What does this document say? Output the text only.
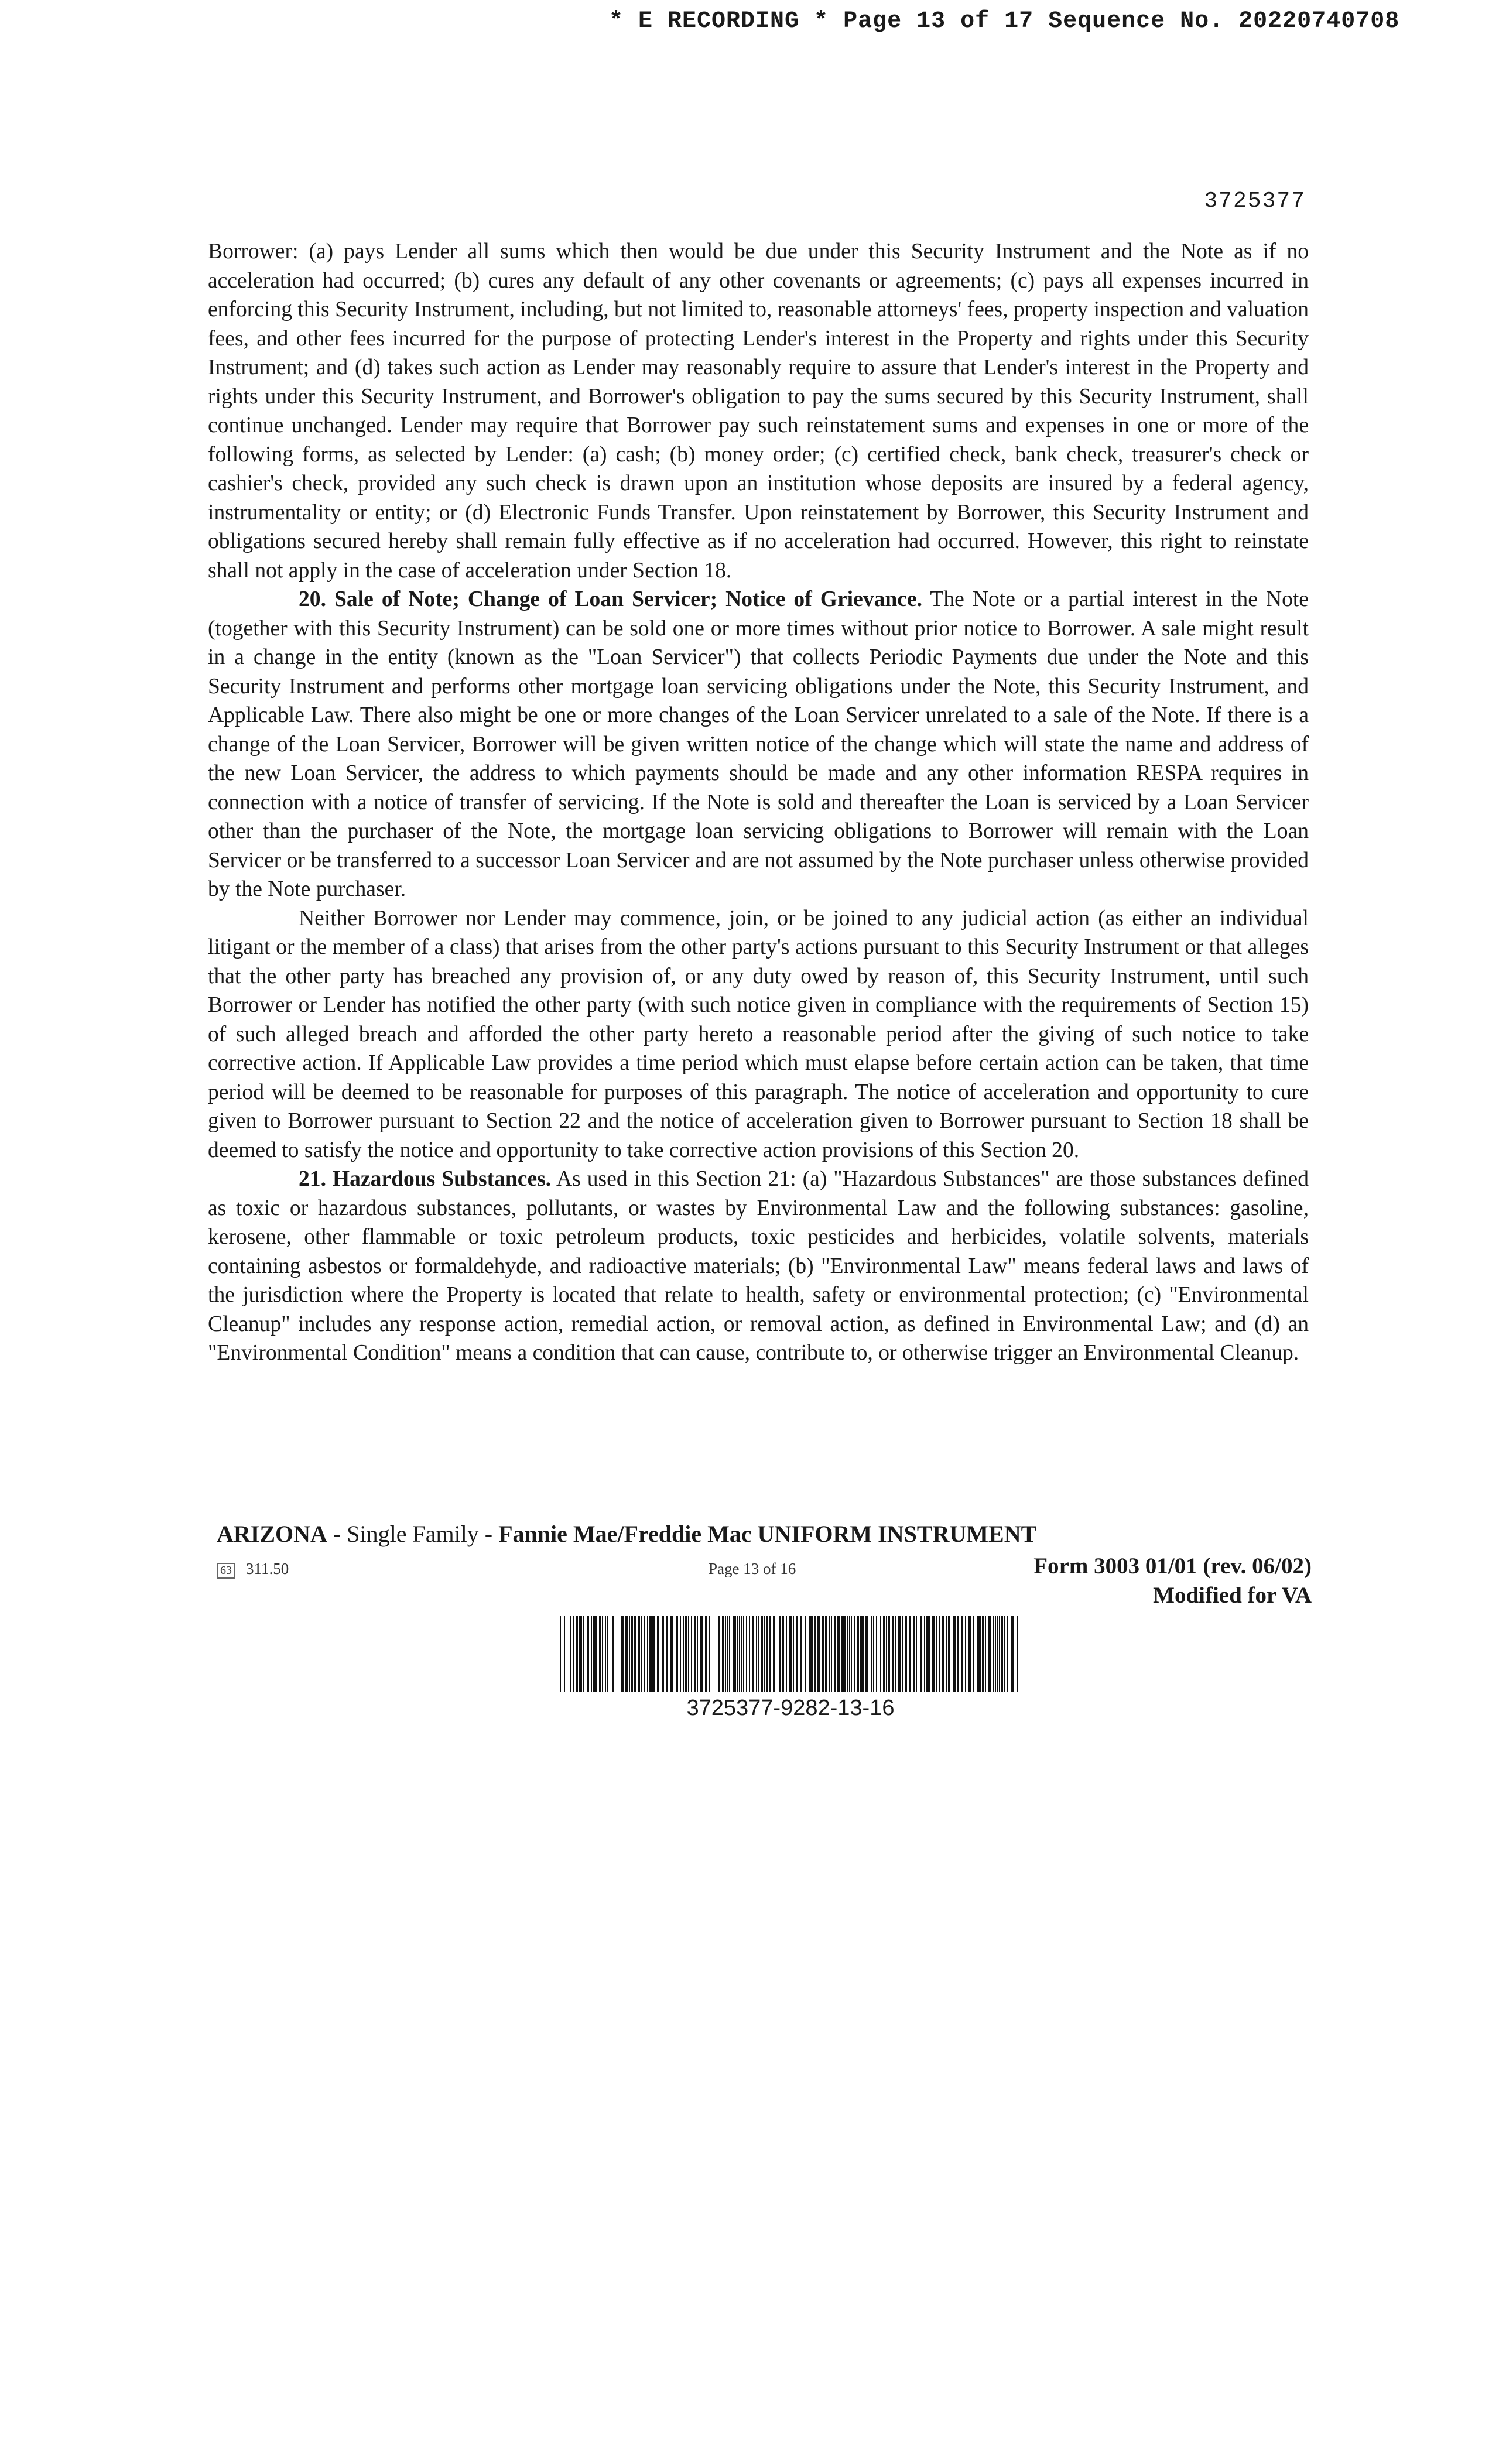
* E RECORDING * Page 13 of 17 Sequence No. 20220740708
3725377

Borrower: (a) pays Lender all sums which then would be due under this Security Instrument and the Note as if no acceleration had occurred; (b) cures any default of any other covenants or agreements; (c) pays all expenses incurred in enforcing this Security Instrument, including, but not limited to, reasonable attorneys' fees, property inspection and valuation fees, and other fees incurred for the purpose of protecting Lender's interest in the Property and rights under this Security Instrument; and (d) takes such action as Lender may reasonably require to assure that Lender's interest in the Property and rights under this Security Instrument, and Borrower's obligation to pay the sums secured by this Security Instrument, shall continue unchanged. Lender may require that Borrower pay such reinstatement sums and expenses in one or more of the following forms, as selected by Lender: (a) cash; (b) money order; (c) certified check, bank check, treasurer's check or cashier's check, provided any such check is drawn upon an institution whose deposits are insured by a federal agency, instrumentality or entity; or (d) Electronic Funds Transfer. Upon reinstatement by Borrower, this Security Instrument and obligations secured hereby shall remain fully effective as if no acceleration had occurred. However, this right to reinstate shall not apply in the case of acceleration under Section 18.

20. Sale of Note; Change of Loan Servicer; Notice of Grievance. The Note or a partial interest in the Note (together with this Security Instrument) can be sold one or more times without prior notice to Borrower. A sale might result in a change in the entity (known as the "Loan Servicer") that collects Periodic Payments due under the Note and this Security Instrument and performs other mortgage loan servicing obligations under the Note, this Security Instrument, and Applicable Law. There also might be one or more changes of the Loan Servicer unrelated to a sale of the Note. If there is a change of the Loan Servicer, Borrower will be given written notice of the change which will state the name and address of the new Loan Servicer, the address to which payments should be made and any other information RESPA requires in connection with a notice of transfer of servicing. If the Note is sold and thereafter the Loan is serviced by a Loan Servicer other than the purchaser of the Note, the mortgage loan servicing obligations to Borrower will remain with the Loan Servicer or be transferred to a successor Loan Servicer and are not assumed by the Note purchaser unless otherwise provided by the Note purchaser.

Neither Borrower nor Lender may commence, join, or be joined to any judicial action (as either an individual litigant or the member of a class) that arises from the other party's actions pursuant to this Security Instrument or that alleges that the other party has breached any provision of, or any duty owed by reason of, this Security Instrument, until such Borrower or Lender has notified the other party (with such notice given in compliance with the requirements of Section 15) of such alleged breach and afforded the other party hereto a reasonable period after the giving of such notice to take corrective action. If Applicable Law provides a time period which must elapse before certain action can be taken, that time period will be deemed to be reasonable for purposes of this paragraph. The notice of acceleration and opportunity to cure given to Borrower pursuant to Section 22 and the notice of acceleration given to Borrower pursuant to Section 18 shall be deemed to satisfy the notice and opportunity to take corrective action provisions of this Section 20.

21. Hazardous Substances. As used in this Section 21: (a) "Hazardous Substances" are those substances defined as toxic or hazardous substances, pollutants, or wastes by Environmental Law and the following substances: gasoline, kerosene, other flammable or toxic petroleum products, toxic pesticides and herbicides, volatile solvents, materials containing asbestos or formaldehyde, and radioactive materials; (b) "Environmental Law" means federal laws and laws of the jurisdiction where the Property is located that relate to health, safety or environmental protection; (c) "Environmental Cleanup" includes any response action, remedial action, or removal action, as defined in Environmental Law; and (d) an "Environmental Condition" means a condition that can cause, contribute to, or otherwise trigger an Environmental Cleanup.

ARIZONA - Single Family - Fannie Mae/Freddie Mac UNIFORM INSTRUMENT
63 311.50	Page 13 of 16	Form 3003 01/01 (rev. 06/02)
Modified for VA
3725377-9282-13-16
